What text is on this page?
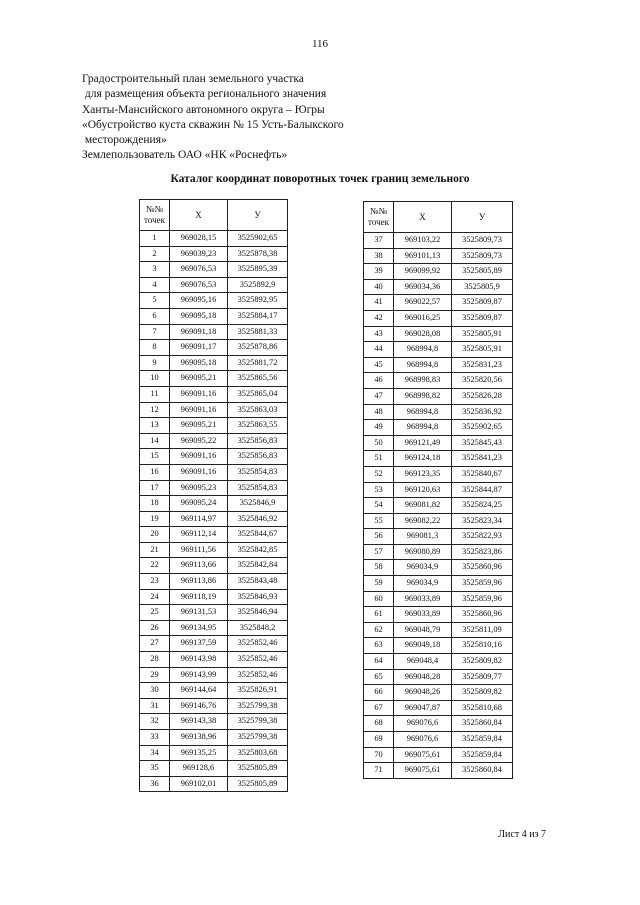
116
Градостроительный план земельного участка
для размещения объекта регионального значения
Ханты-Мансийского автономного округа – Югры
«Обустройство куста скважин № 15 Усть-Балыкского
месторождения»
Землепользователь ОАО «НК «Роснефть»
Каталог координат поворотных точек границ земельного
№№ точек	Х	У
1	969028,15	3525902,65
2	969039,23	3525878,38
3	969076,53	3525895,39
4	969076,53	3525892,9
5	969095,16	3525892,95
6	969095,18	3525884,17
7	969091,18	3525881,33
8	969091,17	3525878,86
9	969095,18	3525881,72
10	969095,21	3525865,56
11	969091,16	3525865,04
12	969091,16	3525863,03
13	969095,21	3525863,55
14	969095,22	3525856,83
15	969091,16	3525856,83
16	969091,16	3525854,83
17	969095,23	3525854,83
18	969095,24	3525846,9
19	969114,97	3525846,92
20	969112,14	3525844,67
21	969111,56	3525842,85
22	969113,66	3525842,84
23	969113,86	3525843,48
24	969118,19	3525846,93
25	969131,53	3525846,94
26	969134,95	3525848,2
27	969137,59	3525852,46
28	969143,98	3525852,46
29	969143,99	3525852,46
30	969144,64	3525826,91
31	969146,76	3525799,38
32	969143,38	3525799,38
33	969138,96	3525799,38
34	969135,25	3525803,68
35	969128,6	3525805,89
36	969102,01	3525805,89
№№ точек	Х	У
37	969103,22	3525809,73
38	969101,13	3525809,73
39	969099,92	3525805,89
40	969034,36	3525805,9
41	969022,57	3525809,87
42	969016,25	3525809,87
43	969028,08	3525805,91
44	968994,8	3525805,91
45	968994,8	3525831,23
46	968998,83	3525820,56
47	968998,82	3525826,28
48	968994,8	3525836,92
49	968994,8	3525902,65
50	969121,49	3525845,43
51	969124,18	3525841,23
52	969123,35	3525840,67
53	969120,63	3525844,87
54	969081,82	3525824,25
55	969082,22	3525823,34
56	969081,3	3525822,93
57	969080,89	3525823,86
58	969034,9	3525860,96
59	969034,9	3525859,96
60	969033,89	3525859,96
61	969033,89	3525860,96
62	969048,79	3525811,09
63	969049,18	3525810,16
64	969048,4	3525809,82
65	969048,28	3525809,77
66	969048,26	3525809,82
67	969047,87	3525810,68
68	969076,6	3525860,84
69	969076,6	3525859,84
70	969075,61	3525859,84
71	969075,61	3525860,84
Лист 4 из 7
